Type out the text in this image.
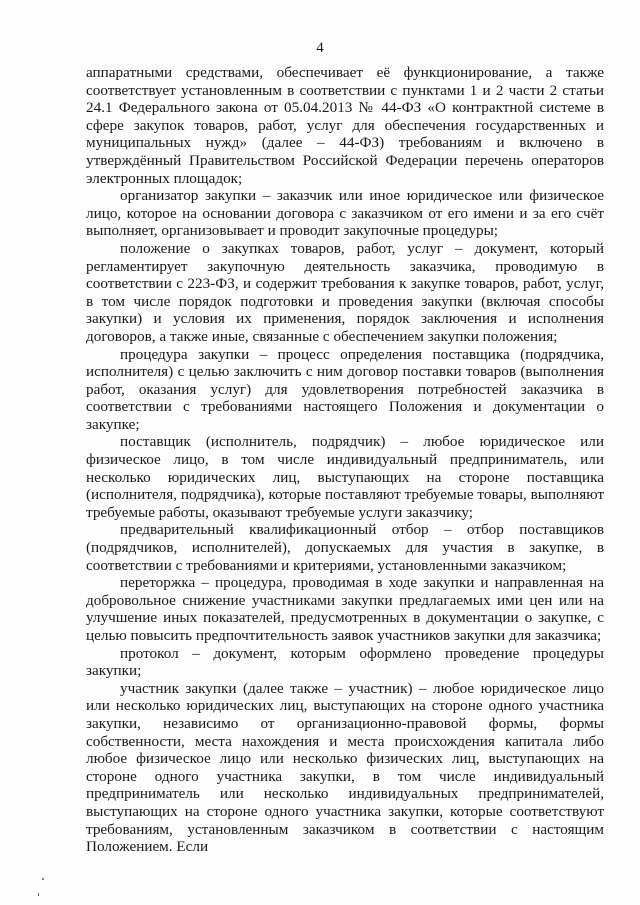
4

аппаратными средствами, обеспечивает её функционирование, а также соответствует установленным в соответствии с пунктами 1 и 2 части 2 статьи 24.1 Федерального закона от 05.04.2013 № 44-ФЗ «О контрактной системе в сфере закупок товаров, работ, услуг для обеспечения государственных и муниципальных нужд» (далее – 44-ФЗ) требованиям и включено в утверждённый Правительством Российской Федерации перечень операторов электронных площадок;

организатор закупки – заказчик или иное юридическое или физическое лицо, которое на основании договора с заказчиком от его имени и за его счёт выполняет, организовывает и проводит закупочные процедуры;

положение о закупках товаров, работ, услуг – документ, который регламентирует закупочную деятельность заказчика, проводимую в соответствии с 223-ФЗ, и содержит требования к закупке товаров, работ, услуг, в том числе порядок подготовки и проведения закупки (включая способы закупки) и условия их применения, порядок заключения и исполнения договоров, а также иные, связанные с обеспечением закупки положения;

процедура закупки – процесс определения поставщика (подрядчика, исполнителя) с целью заключить с ним договор поставки товаров (выполнения работ, оказания услуг) для удовлетворения потребностей заказчика в соответствии с требованиями настоящего Положения и документации о закупке;

поставщик (исполнитель, подрядчик) – любое юридическое или физическое лицо, в том числе индивидуальный предприниматель, или несколько юридических лиц, выступающих на стороне поставщика (исполнителя, подрядчика), которые поставляют требуемые товары, выполняют требуемые работы, оказывают требуемые услуги заказчику;

предварительный квалификационный отбор – отбор поставщиков (подрядчиков, исполнителей), допускаемых для участия в закупке, в соответствии с требованиями и критериями, установленными заказчиком;

переторжка – процедура, проводимая в ходе закупки и направленная на добровольное снижение участниками закупки предлагаемых ими цен или на улучшение иных показателей, предусмотренных в документации о закупке, с целью повысить предпочтительность заявок участников закупки для заказчика;

протокол – документ, которым оформлено проведение процедуры закупки;

участник закупки (далее также – участник) – любое юридическое лицо или несколько юридических лиц, выступающих на стороне одного участника закупки, независимо от организационно-правовой формы, формы собственности, места нахождения и места происхождения капитала либо любое физическое лицо или несколько физических лиц, выступающих на стороне одного участника закупки, в том числе индивидуальный предприниматель или несколько индивидуальных предпринимателей, выступающих на стороне одного участника закупки, которые соответствуют требованиям, установленным заказчиком в соответствии с настоящим Положением. Если
